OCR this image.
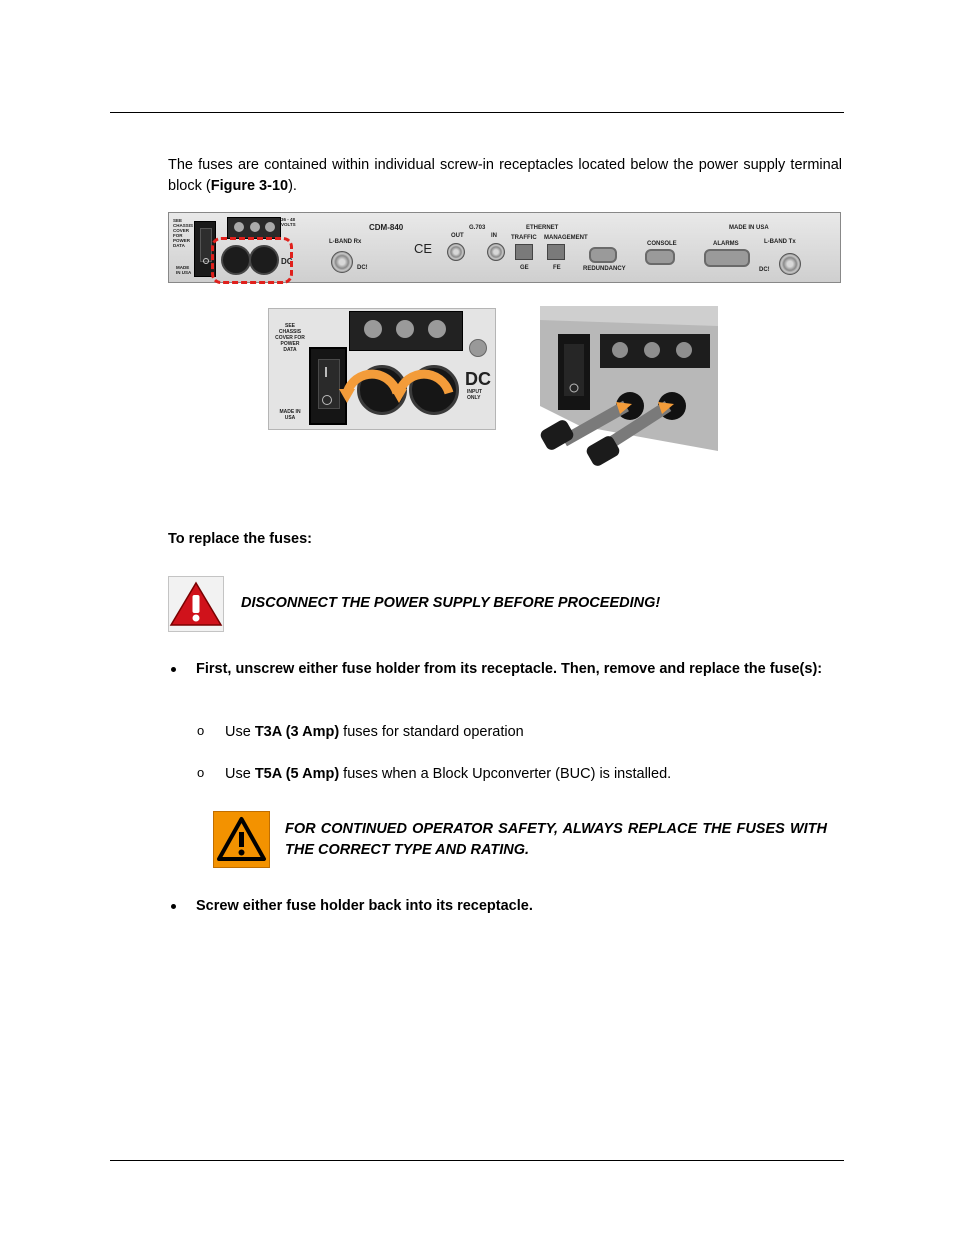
The fuses are contained within individual screw-in receptacles located below the power supply terminal block (Figure 3-10).
SEE CHASSIS COVER FOR POWER DATA
MADE IN USA
36 - 48 VOLTS
DC
L-BAND Rx
DC!
CDM-840
CE
OUT
G.703
IN
ETHERNET
TRAFFIC MANAGEMENT
GE	FE	REDUNDANCY
CONSOLE	ALARMS
MADE IN USA
L-BAND Tx
DC!
SEE CHASSIS COVER FOR POWER DATA
MADE IN USA
DC
INPUT ONLY
To replace the fuses:
DISCONNECT THE POWER SUPPLY BEFORE PROCEEDING!
First, unscrew either fuse holder from its receptacle. Then, remove and replace the fuse(s):
o Use T3A (3 Amp) fuses for standard operation
o Use T5A (5 Amp) fuses when a Block Upconverter (BUC) is installed.
FOR CONTINUED OPERATOR SAFETY, ALWAYS REPLACE THE FUSES WITH THE CORRECT TYPE AND RATING.
Screw either fuse holder back into its receptacle.
